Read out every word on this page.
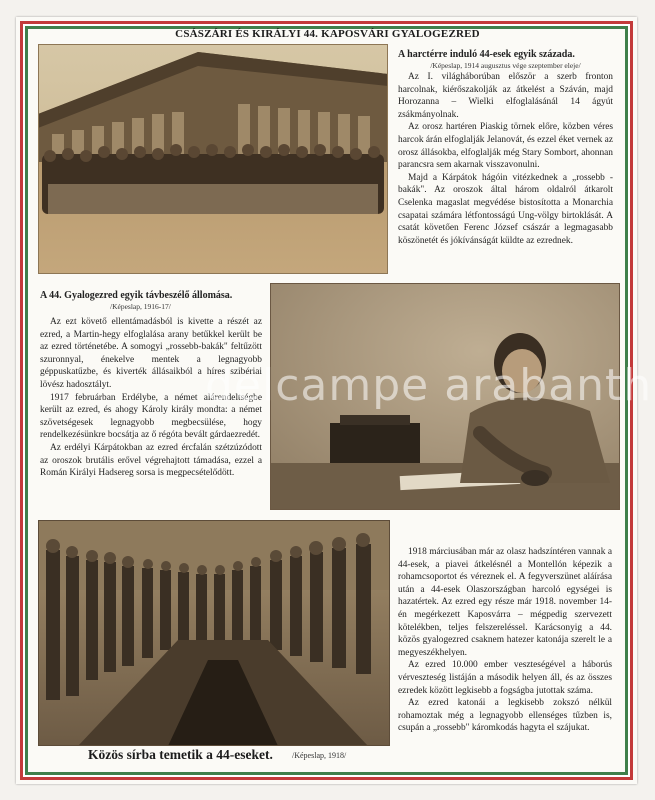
CSÁSZÁRI ÉS KIRÁLYI 44. KAPOSVÁRI GYALOGEZRED

A harctérre induló 44-esek egyik százada.

/Képeslap, 1914 augusztus vége szeptember eleje/

Az I. világháborúban először a szerb fronton harcolnak, kiérőszakolják az átkelést a Száván, majd Horozanna – Wielki elfoglalásánál 14 ágyút zsákmányolnak.

Az orosz hartéren Piaskig törnek előre, közben véres harcok árán elfoglalják Jelanovát, és ezzel éket vernek az orosz állásokba, elfoglalják még Stary Sombort, ahonnan parancsra sem akarnak visszavonulni.

Majd a Kárpátok hágóin vitézkednek a „rossebb - bakák". Az oroszok által három oldalról átkarolt Cselenka magaslat megvédése bistosította a Monarchia csapatai számára létfontosságú Ung-völgy birtoklását. A csatát követően Ferenc József császár a legmagasabb köszönetét és jókívánságát küldte az ezrednek.

A 44. Gyalogezred egyik távbeszélő állomása.

/Képeslap, 1916-17/

Az ezt követő ellentámadásból is kivette a részét az ezred, a Martin-hegy elfoglalása arany betűkkel került be az ezred történetébe. A somogyi „rossebb-bakák" feltűzött szuronnyal, énekelve mentek a legnagyobb géppuskatűzbe, és kiverték állásaikból a híres szibériai lövész hadosztályt.

1917 februárban Erdélybe, a német alárendeltségbe került az ezred, és ahogy Károly király mondta: a német szövetségesek legnagyobb megbecsülése, hogy rendelkezésünkre bocsátja az ő régóta bevált gárdaezredét.

Az erdélyi Kárpátokban az ezred ércfalán szétzúzódott az oroszok brutális erővel végrehajtott támadása, ezzel a Román Királyi Hadsereg sorsa is megpecsételődött.

1918 márciusában már az olasz hadszíntéren vannak a 44-esek, a piavei átkelésnél a Montellón képezik a rohamcsoportot és véreznek el. A fegyverszünet aláírása után a 44-esek Olaszországban harcoló egységei is hazatértek. Az ezred egy része már 1918. november 14-én megérkezett Kaposvárra – mégpedig szervezett kötelékben, teljes felszereléssel. Karácsonyig a 44. közös gyalogezred csaknem hatezer katonája szerelt le a megyeszékhelyen.

Az ezred 10.000 ember veszteségével a háborús vérveszteség listáján a második helyen áll, és az összes ezredek között legkisebb a fogságba jutottak száma.

Az ezred katonái a legkisebb zokszó nélkül rohamoztak még a legnagyobb ellenséges tűzben is, csupán a „rossebb" káromkodás hagyta el szájukat.

Közös sírba temetik a 44-eseket. /Képeslap, 1918/
delcampe arabanth
